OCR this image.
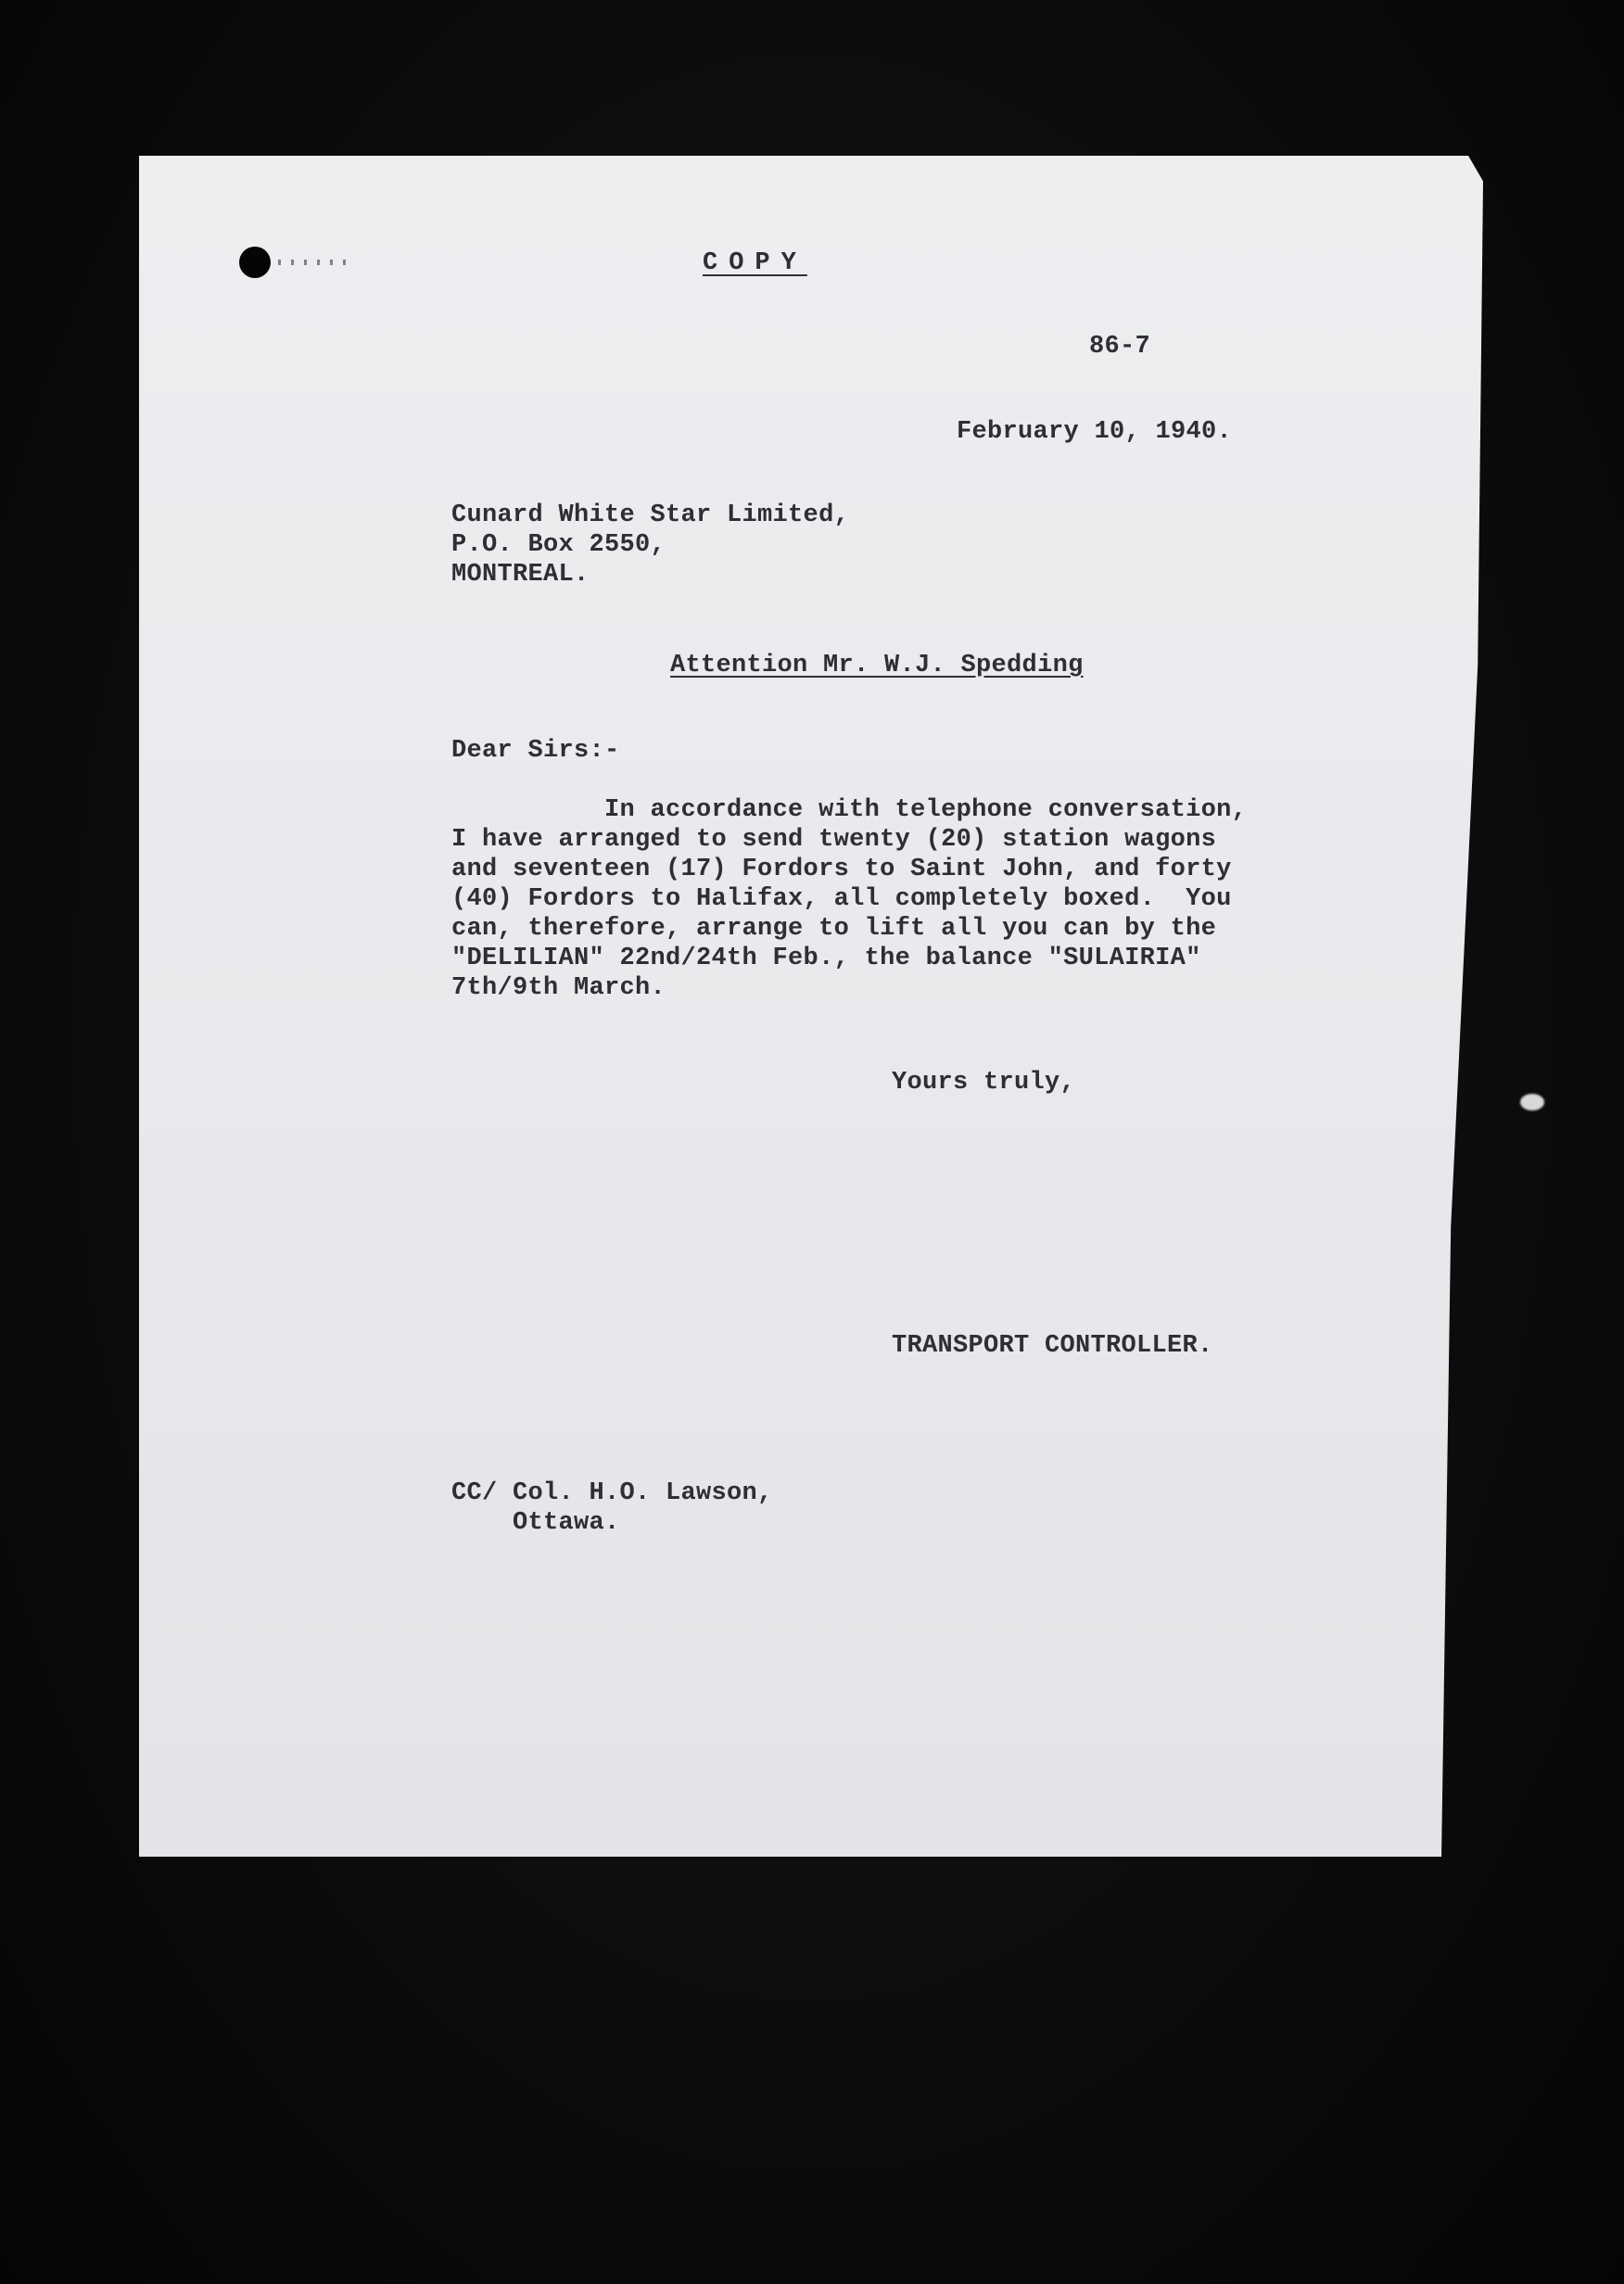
COPY

86-7

February 10, 1940.

Cunard White Star Limited,
P.O. Box 2550,
MONTREAL.

Attention Mr. W.J. Spedding

Dear Sirs:-

In accordance with telephone conversation,
I have arranged to send twenty (20) station wagons
and seventeen (17) Fordors to Saint John, and forty
(40) Fordors to Halifax, all completely boxed.  You
can, therefore, arrange to lift all you can by the
"DELILIAN" 22nd/24th Feb., the balance "SULAIRIA"
7th/9th March.

Yours truly,

TRANSPORT CONTROLLER.

CC/ Col. H.O. Lawson,
Ottawa.
